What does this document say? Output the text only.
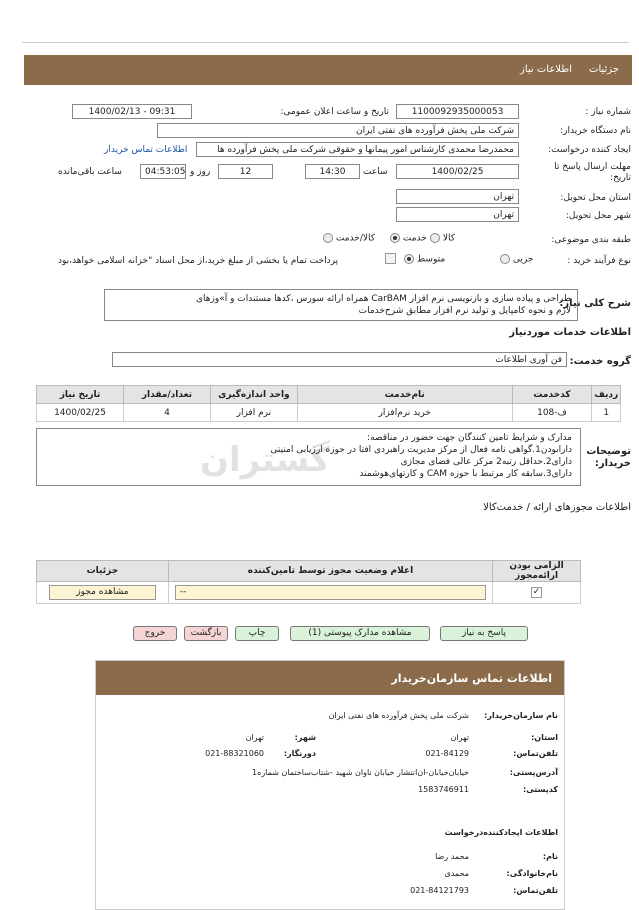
جزئیات
اطلاعات نیاز
گستران
شماره نیاز :
1100092935000053
تاریخ و ساعت اعلان عمومی:
1400/02/13 - 09:31
نام دستگاه خریدار:
شرکت ملی پخش فرآورده های نفتی ایران
ایجاد کننده درخواست:
محمدرضا محمدی کارشناس امور پیمانها و حقوقی شرکت ملی پخش فرآورده ها
اطلاعات تماس خریدار
مهلت ارسال پاسخ تا تاریخ:
1400/02/25
ساعت
14:30
12
روز و
04:53:05
ساعت باقی‌مانده
استان محل تحویل:
تهران
شهر محل تحویل:
تهران
طبقه بندی موضوعی:
کالا
خدمت
کالا/خدمت
نوع فرآیند خرید :
جزیی
متوسط
پرداخت تمام یا بخشی از مبلغ خرید،از محل اسناد "خزانه اسلامی خواهد،بود
شرح کلی نیاز:
طراحی و پیاده سازی و بازنویسی نرم افزار CarBAM همراه ارائه سورس ،کدها مستندات و آ»وزهای
لازم و نحوه کامپایل و تولید نرم افزار مطابق شرح‌خدمات
اطلاعات خدمات موردنیاز
گروه خدمت:
فن آوری اطلاعات
ردیف	کدخدمت	نام‌خدمت	واحد اندازه‌گیری	تعداد/مقدار	تاریخ نیاز
1	ف-108	خرید نرم‌افزار	نرم افزار	4	1400/02/25
توضیحات خریدار:
مدارک و شرایط تامین کنندگان جهت حضور در مناقصه:
دارابودن1.گواهی نامه فعال از مرکز مدیریت راهبردی افتا در حوزه ارزیابی امنیتی
دارای2.حداقل رتبه2 مرکز عالی فضای مجازی
دارای3.سابقه کار مرتبط با حوزه CAM و کارتهای‌هوشمند
اطلاعات مجوزهای ارائه / خدمت‌کالا
الزامی بودن ارائه‌مجوز	اعلام وضعیت مجوز توسط تامین‌کننده	جزئیات
✓	--	مشاهده مجوز
پاسخ به نیاز
مشاهده مدارک پیوستی (1)
چاپ
بازگشت
خروج
اطلاعات تماس سازمان‌خریدار
نام سازمان‌خریدار:
شرکت ملی پخش فرآورده های نفتی ایران
استان:
تهران
شهر:
تهران
تلفن‌تماس:
021-84129
دورنگار:
021-88321060
آدرس‌پستی:
خیابان‌خیابان‌-ان‌انتشار خیابان ناوان شهید -شتاب‌ساختمان شماره1
کدپستی:
1583746911
اطلاعات ایجادکننده‌درخواست
نام:
محمد رضا
نام‌خانوادگی:
محمدی
تلفن‌تماس:
021-84121793
